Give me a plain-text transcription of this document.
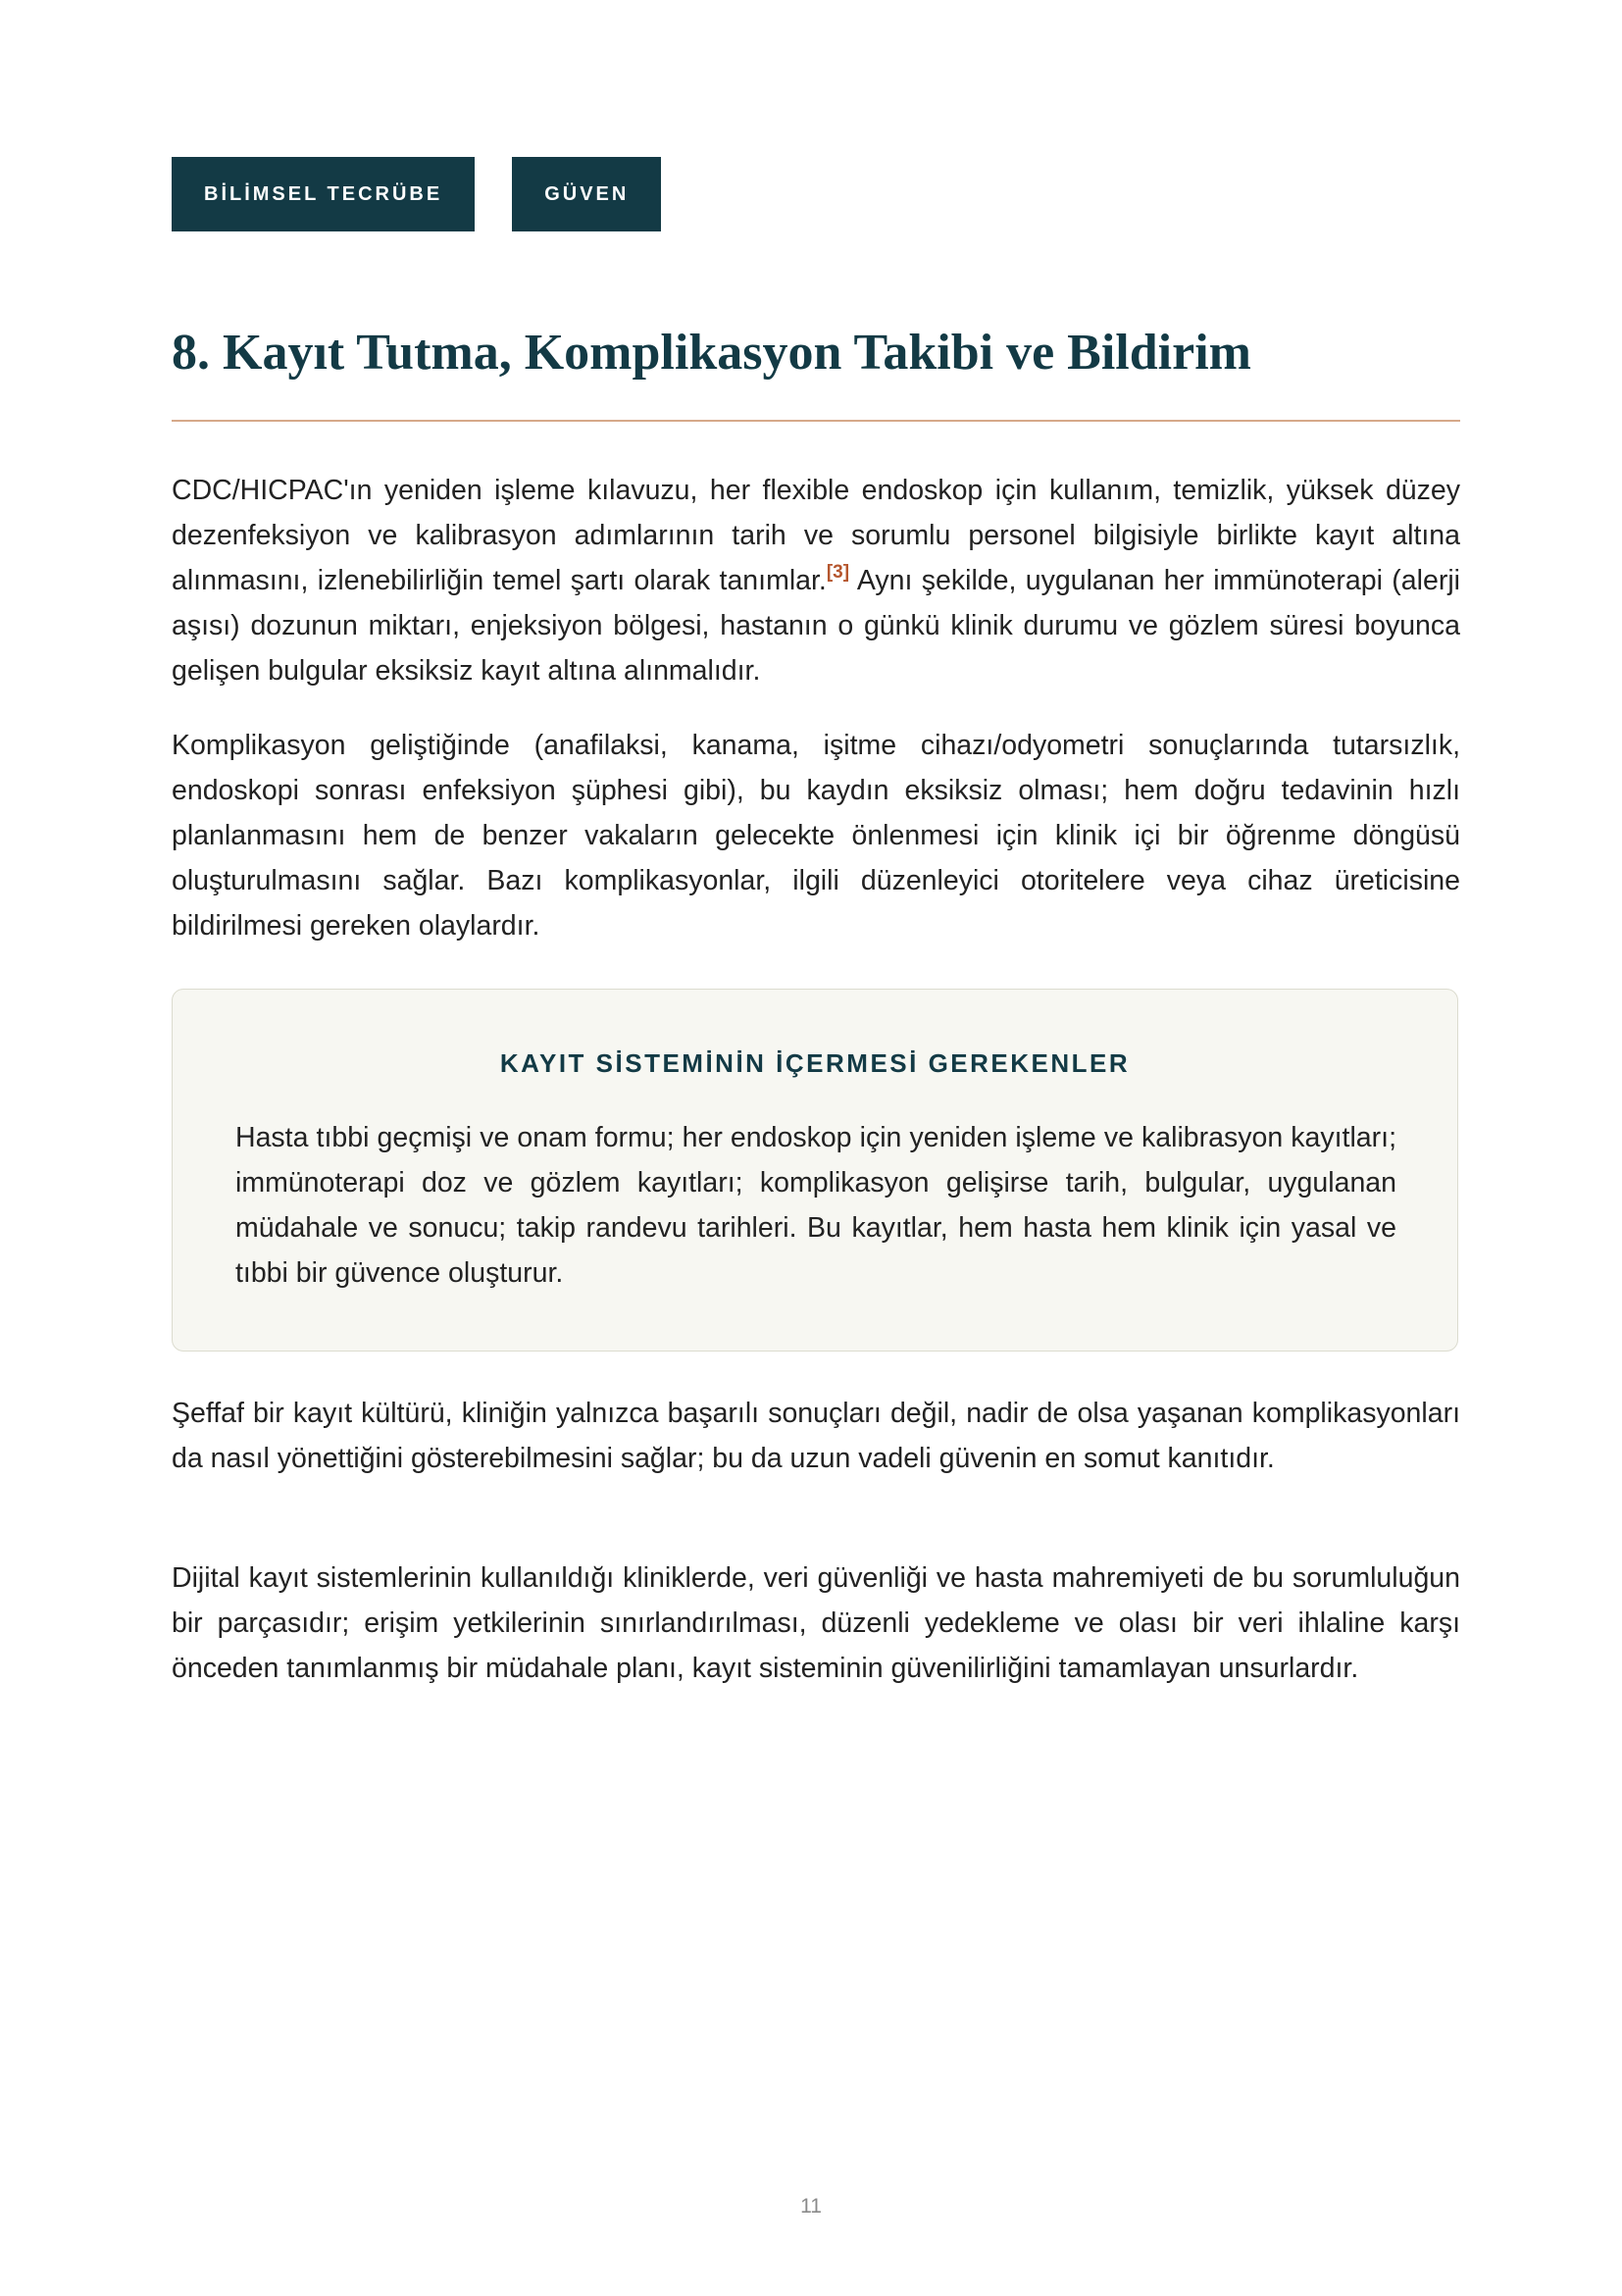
BİLİMSEL TECRÜBE	GÜVEN
8. Kayıt Tutma, Komplikasyon Takibi ve Bildirim

CDC/HICPAC'ın yeniden işleme kılavuzu, her flexible endoskop için kullanım, temizlik, yüksek düzey dezenfeksiyon ve kalibrasyon adımlarının tarih ve sorumlu personel bilgisiyle birlikte kayıt altına alınmasını, izlenebilirliğin temel şartı olarak tanımlar.[3] Aynı şekilde, uygulanan her immünoterapi (alerji aşısı) dozunun miktarı, enjeksiyon bölgesi, hastanın o günkü klinik durumu ve gözlem süresi boyunca gelişen bulgular eksiksiz kayıt altına alınmalıdır.

Komplikasyon geliştiğinde (anafilaksi, kanama, işitme cihazı/odyometri sonuçlarında tutarsızlık, endoskopi sonrası enfeksiyon şüphesi gibi), bu kaydın eksiksiz olması; hem doğru tedavinin hızlı planlanmasını hem de benzer vakaların gelecekte önlenmesi için klinik içi bir öğrenme döngüsü oluşturulmasını sağlar. Bazı komplikasyonlar, ilgili düzenleyici otoritelere veya cihaz üreticisine bildirilmesi gereken olaylardır.

KAYIT SİSTEMİNİN İÇERMESİ GEREKENLER

Hasta tıbbi geçmişi ve onam formu; her endoskop için yeniden işleme ve kalibrasyon kayıtları; immünoterapi doz ve gözlem kayıtları; komplikasyon gelişirse tarih, bulgular, uygulanan müdahale ve sonucu; takip randevu tarihleri. Bu kayıtlar, hem hasta hem klinik için yasal ve tıbbi bir güvence oluşturur.

Şeffaf bir kayıt kültürü, kliniğin yalnızca başarılı sonuçları değil, nadir de olsa yaşanan komplikasyonları da nasıl yönettiğini gösterebilmesini sağlar; bu da uzun vadeli güvenin en somut kanıtıdır.

Dijital kayıt sistemlerinin kullanıldığı kliniklerde, veri güvenliği ve hasta mahremiyeti de bu sorumluluğun bir parçasıdır; erişim yetkilerinin sınırlandırılması, düzenli yedekleme ve olası bir veri ihlaline karşı önceden tanımlanmış bir müdahale planı, kayıt sisteminin güvenilirliğini tamamlayan unsurlardır.

11
